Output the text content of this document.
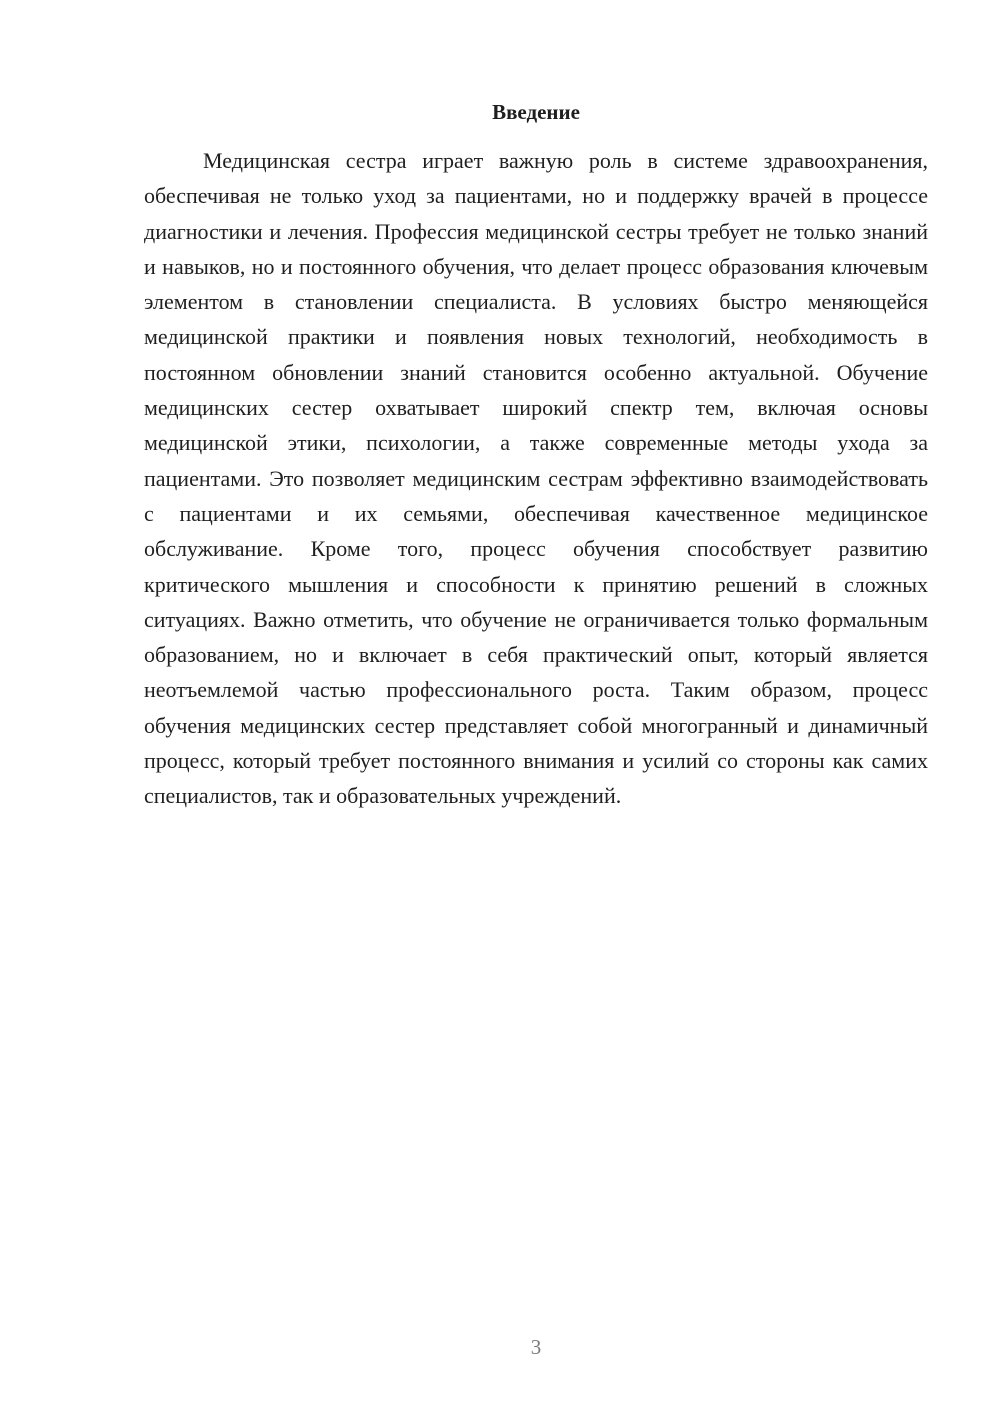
Введение

Медицинская сестра играет важную роль в системе здравоохранения, обеспечивая не только уход за пациентами, но и поддержку врачей в процессе диагностики и лечения. Профессия медицинской сестры требует не только знаний и навыков, но и постоянного обучения, что делает процесс образования ключевым элементом в становлении специалиста. В условиях быстро меняющейся медицинской практики и появления новых технологий, необходимость в постоянном обновлении знаний становится особенно актуальной. Обучение медицинских сестер охватывает широкий спектр тем, включая основы медицинской этики, психологии, а также современные методы ухода за пациентами. Это позволяет медицинским сестрам эффективно взаимодействовать с пациентами и их семьями, обеспечивая качественное медицинское обслуживание. Кроме того, процесс обучения способствует развитию критического мышления и способности к принятию решений в сложных ситуациях. Важно отметить, что обучение не ограничивается только формальным образованием, но и включает в себя практический опыт, который является неотъемлемой частью профессионального роста. Таким образом, процесс обучения медицинских сестер представляет собой многогранный и динамичный процесс, который требует постоянного внимания и усилий со стороны как самих специалистов, так и образовательных учреждений.

3
